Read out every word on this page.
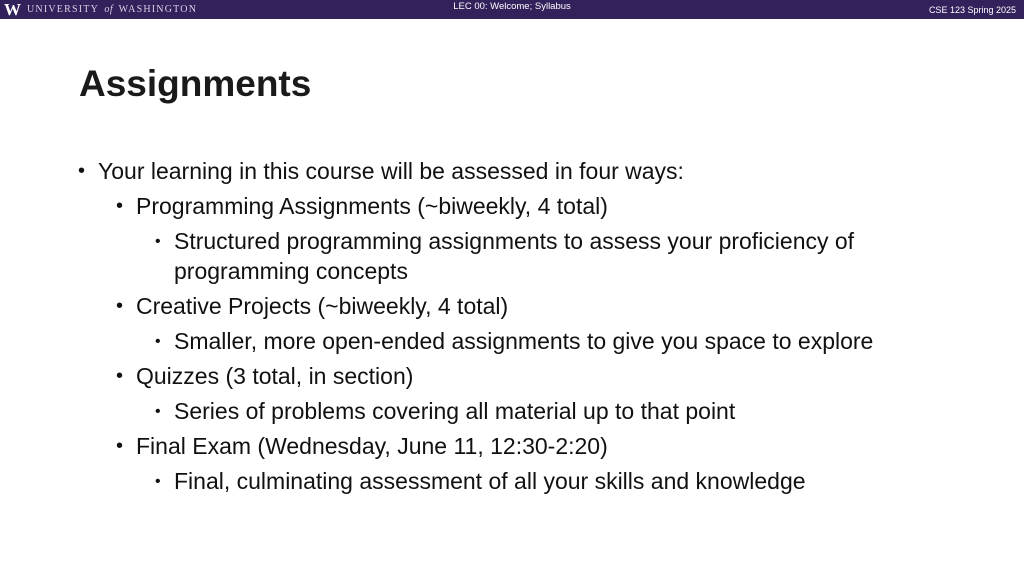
W UNIVERSITY of WASHINGTON	LEC 00: Welcome; Syllabus	CSE 123 Spring 2025
Assignments
• Your learning in this course will be assessed in four ways:
• Programming Assignments (~biweekly, 4 total)
• Structured programming assignments to assess your proficiency of programming concepts
• Creative Projects (~biweekly, 4 total)
• Smaller, more open-ended assignments to give you space to explore
• Quizzes (3 total, in section)
• Series of problems covering all material up to that point
• Final Exam (Wednesday, June 11, 12:30-2:20)
• Final, culminating assessment of all your skills and knowledge
